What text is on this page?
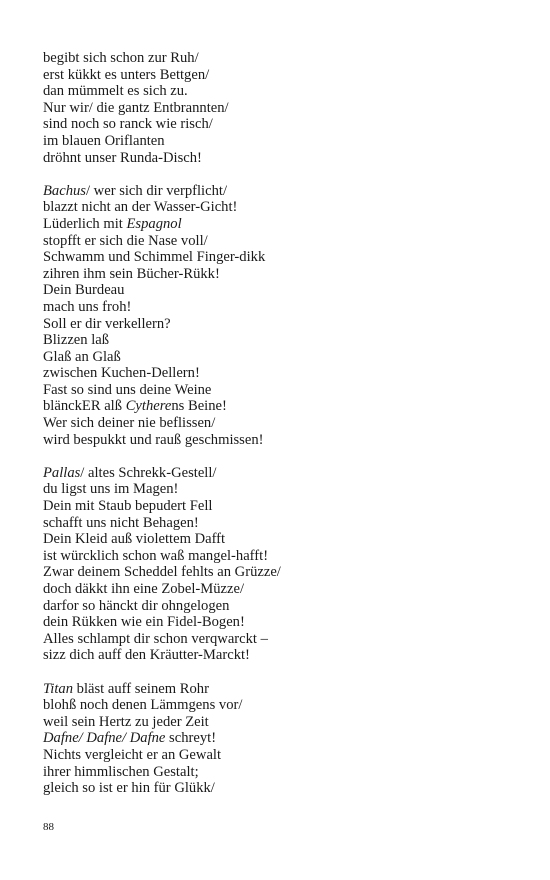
begibt sich schon zur Ruh/
erst kükkt es unters Bettgen/
dan mümmelt es sich zu.
Nur wir/ die gantz Entbrannten/
sind noch so ranck wie risch/
im blauen Oriflanten
dröhnt unser Runda-Disch!
Bachus/ wer sich dir verpflicht/
blazzt nicht an der Wasser-Gicht!
Lüderlich mit Espagnol
stopfft er sich die Nase voll/
Schwamm und Schimmel Finger-dikk
zihren ihm sein Bücher-Rükk!
Dein Burdeau
mach uns froh!
Soll er dir verkellern?
Blizzen laß
Glaß an Glaß
zwischen Kuchen-Dellern!
Fast so sind uns deine Weine
blänckER alß Cytherens Beine!
Wer sich deiner nie beflissen/
wird bespukkt und rauß geschmissen!
Pallas/ altes Schrekk-Gestell/
du ligst uns im Magen!
Dein mit Staub bepudert Fell
schafft uns nicht Behagen!
Dein Kleid auß violettem Dafft
ist würcklich schon waß mangel-hafft!
Zwar deinem Scheddel fehlts an Grüzze/
doch däkkt ihn eine Zobel-Müzze/
darfor so hänckt dir ohngelogen
dein Rükken wie ein Fidel-Bogen!
Alles schlampt dir schon verqwarckt –
sizz dich auff den Kräutter-Marckt!
Titan bläst auff seinem Rohr
blohß noch denen Lämmgens vor/
weil sein Hertz zu jeder Zeit
Dafne/ Dafne/ Dafne schreyt!
Nichts vergleicht er an Gewalt
ihrer himmlischen Gestalt;
gleich so ist er hin für Glükk/
88
